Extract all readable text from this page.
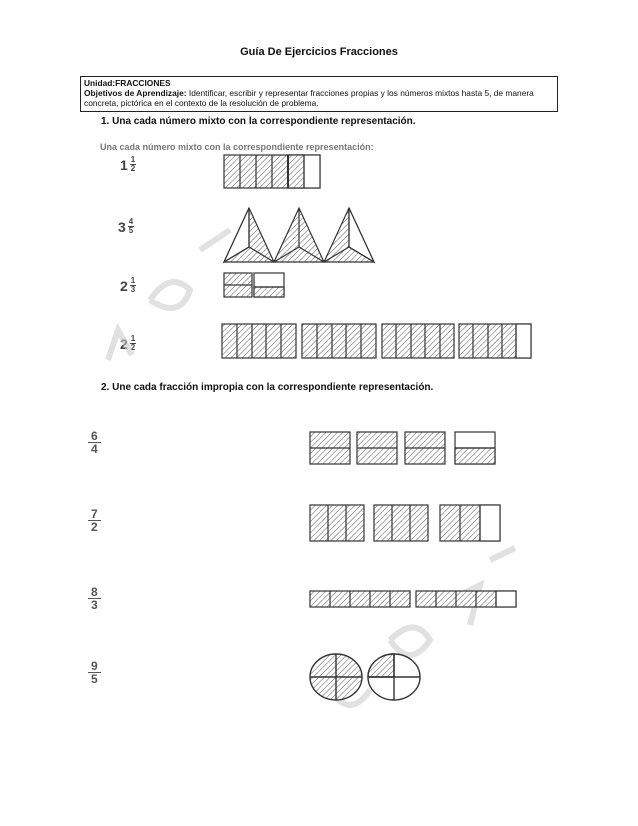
Guía De Ejercicios Fracciones
Unidad:FRACCIONES
Objetivos de Aprendizaje: Identificar, escribir y representar fracciones propias y los números mixtos hasta 5, de manera concreta, pictórica en el contexto de la resolución de problema.
1. Una cada número mixto con la correspondiente representación.
Una cada número mixto con la correspondiente representación:
$1 \frac{1}{2}$
$3 \frac{4}{5}$
$2 \frac{1}{3}$
$2 \frac{1}{2}$
2. Une cada fracción impropia con la correspondiente representación.
$\frac{6}{4}$
$\frac{7}{2}$
$\frac{8}{3}$
$\frac{9}{5}$
